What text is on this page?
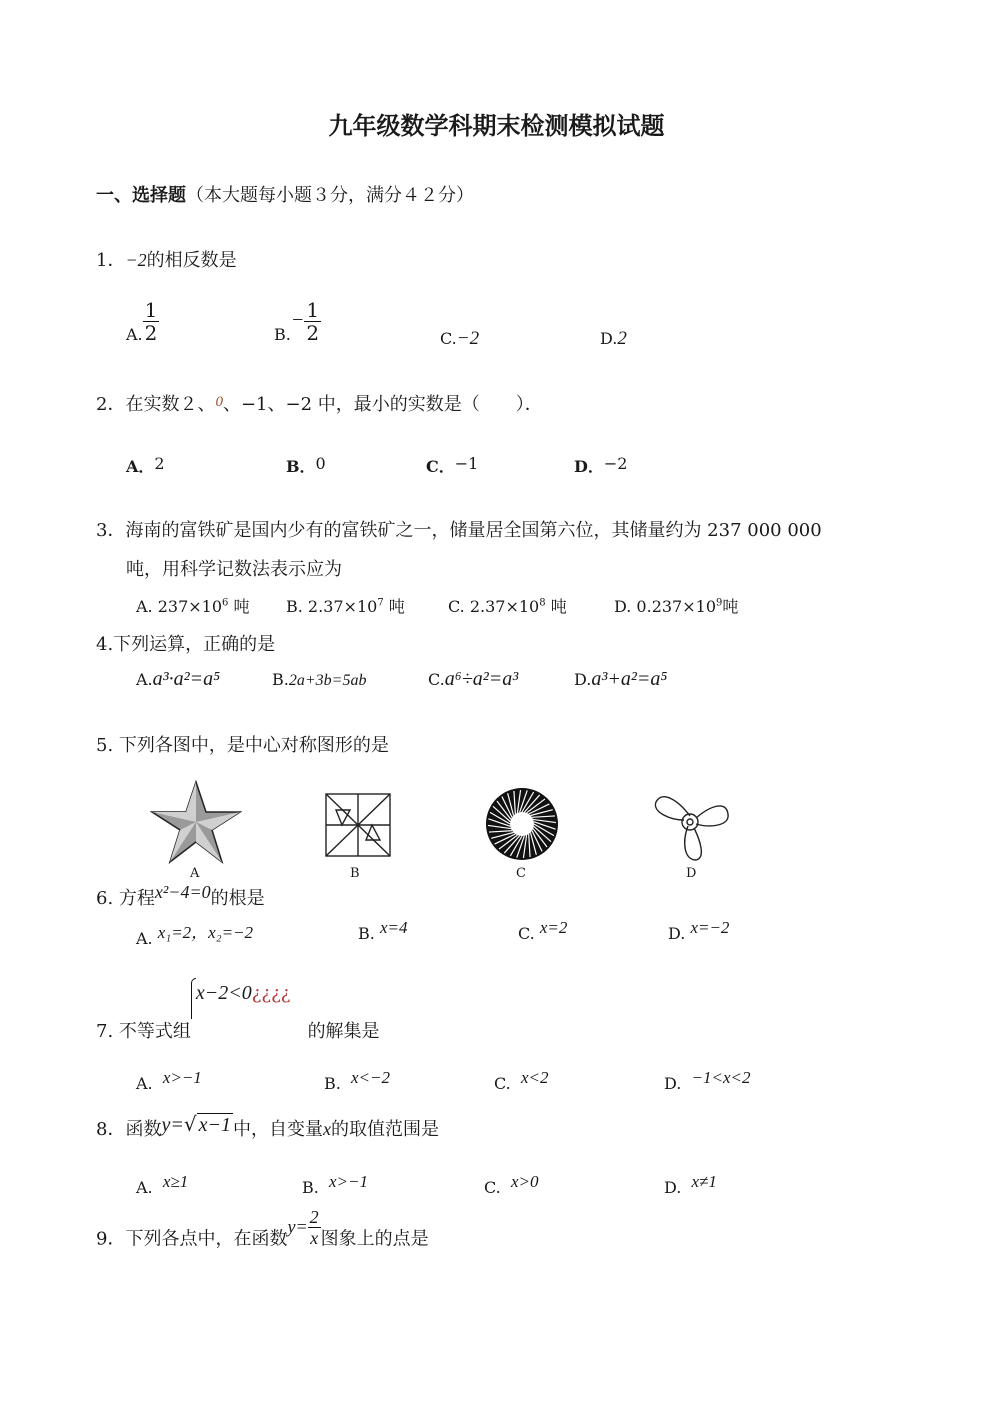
九年级数学科期末检测模拟试题
一、选择题（本大题每小题３分，满分４２分）
1．−2的相反数是
A. $\frac{1}{2}$	$B.- \frac{1}{2}$	C.−2	D.2
2．在实数２、$^0$、−1、−2 中，最小的实数是（　　）．
A．2	B．0	C．−1	D．−2
3．海南的富铁矿是国内少有的富铁矿之一，储量居全国第六位，其储量约为 237 000 000
吨，用科学记数法表示应为
A. $237\times 10^6$ 吨 B. $2.37\times 10^7$ 吨	C. $2.37\times 10^8$ 吨	D. $0.237\times 10^9$吨
4.下列运算，正确的是
A.a³·a²=a⁵	B.2a+3b=5ab	C.a⁶÷a²=a³	D.a³+a²=a⁵
5. 下列各图中，是中心对称图形的是
A	B	C	D
6. 方程x²−4=0的根是
A. x₁=2，x₂=−2	B. x=4	C. x=2	D. x=−2
7. 不等式组x−2<0¿¿¿¿   的解集是
A. x>−1	B. x<−2	C. x<2	D. −1<x<2
8．函数y=√ x−1 中，自变量x的取值范围是
A. x≥1	B. x>−1	C. x>0	D. x≠1
9．下列各点中，在函数$y= \frac{2}{x}$ 图象上的点是
